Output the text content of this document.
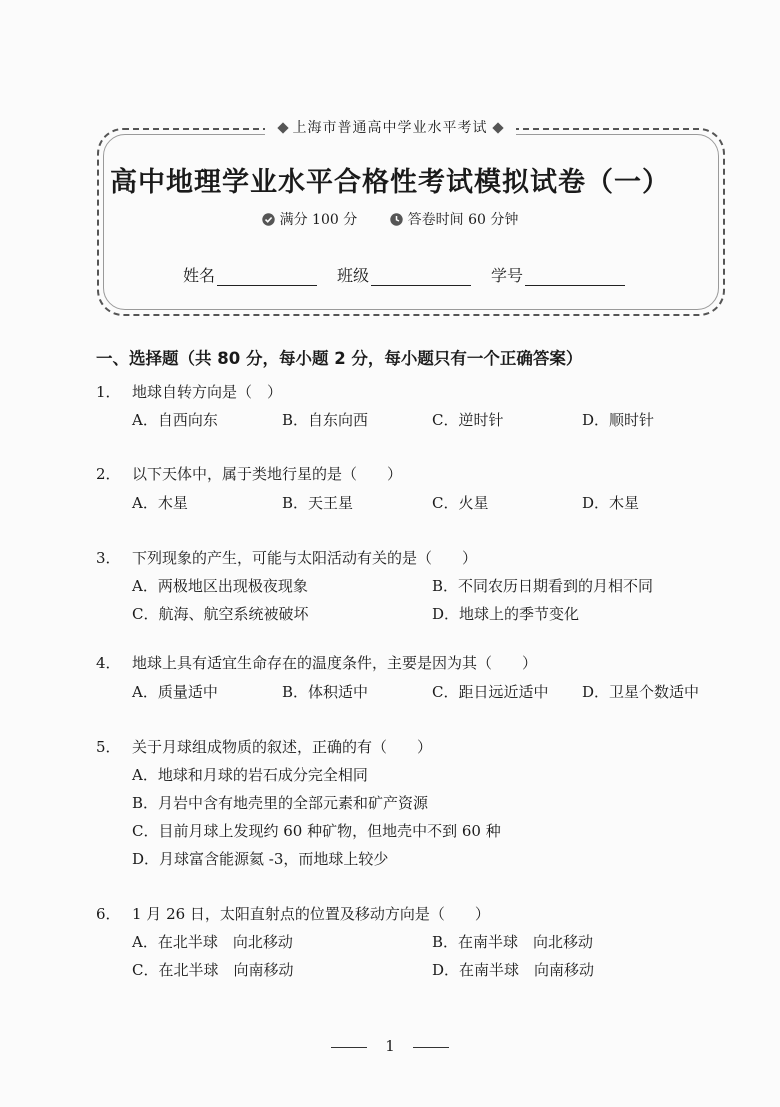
上海市普通高中学业水平考试
高中地理学业水平合格性考试模拟试卷（一）
满分 100 分
	答卷时间 60 分钟
姓名	班级	学号
一、选择题（共 80 分，每小题 2 分，每小题只有一个正确答案）
1． 地球自转方向是（　）
A．自西向东	B．自东向西	C．逆时针	D．顺时针
2． 以下天体中，属于类地行星的是（　　）
A．木星	B．天王星	C．火星	D．木星
3． 下列现象的产生，可能与太阳活动有关的是（　　）
A．两极地区出现极夜现象	B．不同农历日期看到的月相不同
C．航海、航空系统被破坏	D．地球上的季节变化
4． 地球上具有适宜生命存在的温度条件，主要是因为其（　　）
A．质量适中	B．体积适中	C．距日远近适中 D．卫星个数适中
5． 关于月球组成物质的叙述，正确的有（　　）
A．地球和月球的岩石成分完全相同
B．月岩中含有地壳里的全部元素和矿产资源
C．目前月球上发现约 60 种矿物，但地壳中不到 60 种
D．月球富含能源氦 -3，而地球上较少
6． 1 月 26 日，太阳直射点的位置及移动方向是（　　）
A．在北半球　向北移动	B．在南半球　向北移动
C．在北半球　向南移动	D．在南半球　向南移动
1
